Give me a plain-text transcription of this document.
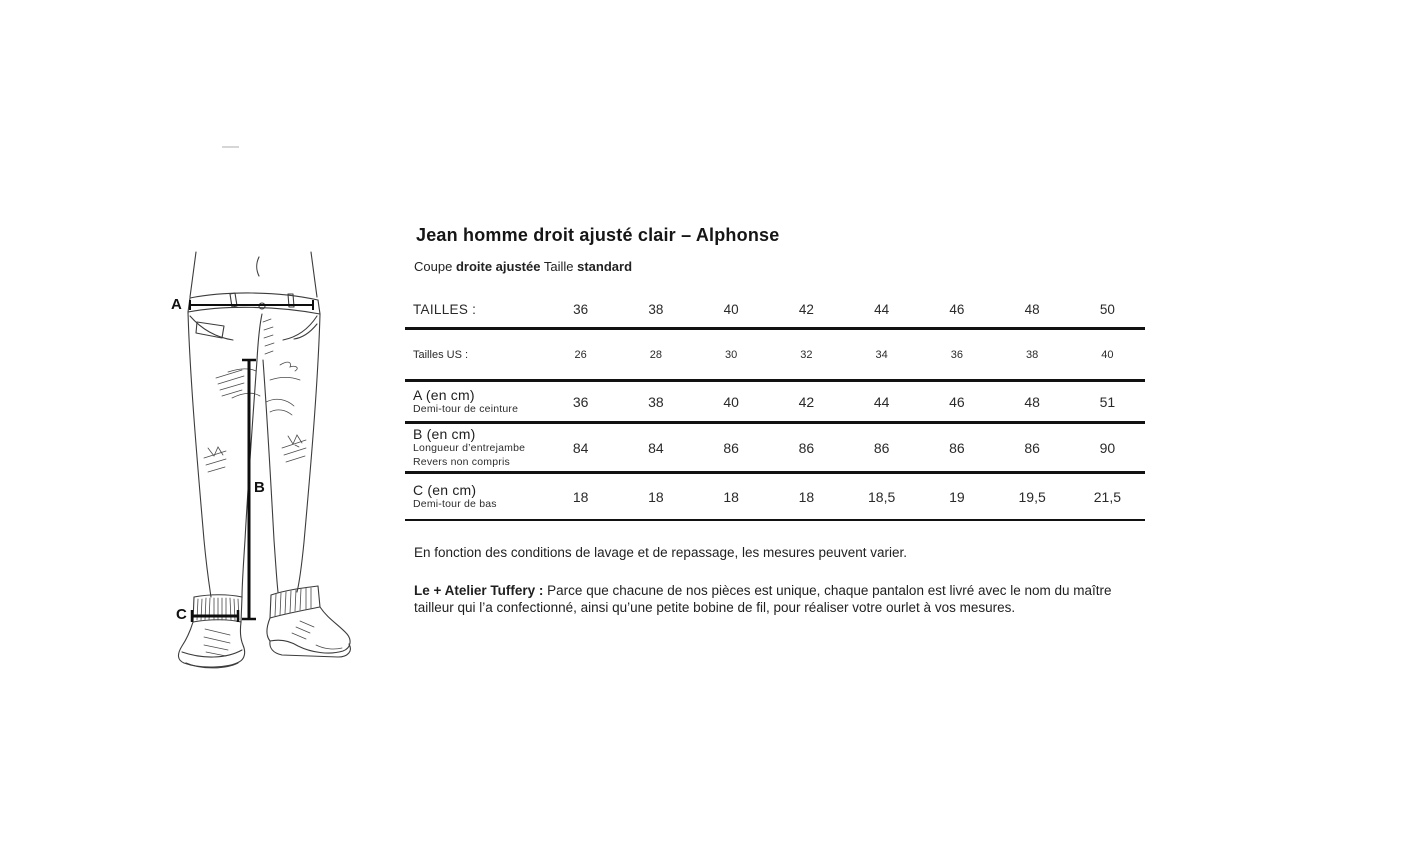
A
B
C
Jean homme droit ajusté clair – Alphonse
Coupe droite ajustée Taille standard
TAILLES :	36	38	40	42	44	46	48	50
Tailles US :	26	28	30	32	34	36	38	40
A (en cm)
Demi-tour de ceinture	36	38	40	42	44	46	48	51
B (en cm)
Longueur d’entrejambe
Revers non compris
84	84	86	86	86	86	86	90
C (en cm)
Demi-tour de bas	18	18	18	18	18,5	19	19,5	21,5

En fonction des conditions de lavage et de repassage, les mesures peuvent varier.

Le + Atelier Tuffery : Parce que chacune de nos pièces est unique, chaque pantalon est livré avec le nom du maître tailleur qui l’a confectionné, ainsi qu’une petite bobine de fil, pour réaliser votre ourlet à vos mesures.
